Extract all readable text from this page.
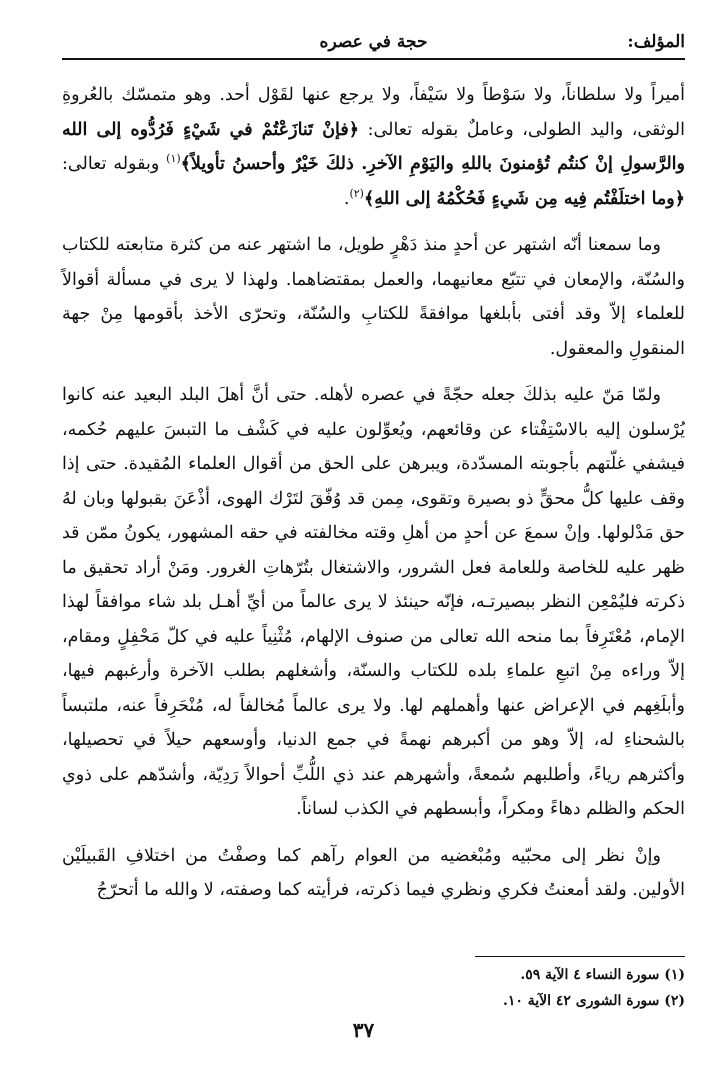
المؤلف:
حجة في عصره

أميراً ولا سلطاناً، ولا سَوْطاً ولا سَيْفاً، ولا يرجع عنها لقَوْل أحد. وهو متمسّك بالعُروةِ الوثقى، واليد الطولى، وعاملٌ بقوله تعالى: ﴿فإنْ تَنازَعْتُمْ في شَيْءٍ فَرُدُّوه إلى الله والرَّسولِ إنْ كنتُم تُؤمنونَ باللهِ واليَوْمِ الآخرِ. ذلكَ خَيْرٌ وأحسنُ تأويلاً﴾$^{(١)}$ وبقوله تعالى: ﴿وما اختلَفْتُم فِيه مِن شَيءٍ فَحُكْمُهُ إلى اللهِ﴾$^{(٢)}$.

وما سمعنا أنّه اشتهر عن أحدٍ منذ دَهْرٍ طويل، ما اشتهر عنه من كثرة متابعته للكتاب والسُنّة، والإمعان في تتبّع معانيهما، والعمل بمقتضاهما. ولهذا لا يرى في مسألة أقوالاً للعلماء إلاّ وقد أفتى بأبلغها موافقةً للكتابِ والسُنّة، وتحرّى الأخذ بأقومها مِنْ جهة المنقولِ والمعقول.

ولمّا مَنّ عليه بذلكَ جعله حجّةً في عصره لأهله. حتى أنَّ أهلَ البلد البعيد عنه كانوا يُرْسلون إليه بالاسْتِفْتاء عن وقائعهم، ويُعوِّلون عليه في كَشْف ما التبسَ عليهم حُكمه، فيشفي غلّتهم بأجوبته المسدّدة، ويبرهن على الحق من أقوال العلماء المُقيدة. حتى إذا وقف عليها كلُّ محقٍّ ذو بصيرة وتقوى، مِمن قد وُفّقَ لتَرْك الهوى، أذْعَنَ بقبولها وبان لهُ حق مَدْلولها. وإنْ سمعَ عن أحدٍ من أهلِ وقته مخالفته في حقه المشهور، يكونُ ممّن قد ظهر عليه للخاصة وللعامة فعل الشرور، والاشتغال بتُرّهاتِ الغرور. ومَنْ أراد تحقيق ما ذكرته فليُمْعِن النظر ببصيرتـه، فإنّه حينئذ لا يرى عالماً من أيِّ أهـل بلد شاء موافقاً لهذا الإمام، مُعْتَرِفاً بما منحه الله تعالى من صنوف الإلهام، مُثْنِياً عليه في كلّ مَحْفِلٍ ومقام، إلاّ وراءه مِنْ اتبعِ علماءِ بلده للكتاب والسنّة، وأشغلهم بطلب الآخرة وأرغبهم فيها، وأبلَغِهم في الإعراض عنها وأهملهم لها. ولا يرى عالماً مُخالفاً له، مُنْحَرِفاً عنه، ملتبساً بالشحناءِ له، إلاّ وهو من أكبرهم نهمةً في جمع الدنيا، وأوسعهم حيلاً في تحصيلها، وأكثرهم رياءً، وأطلبهم سُمعةً، وأشهرهم عند ذي اللُّبِّ أحوالاً رَدِيّة، وأشدّهم على ذوي الحكم والظلم دهاءً ومكراً، وأبسطهم في الكذب لساناً.

وإنْ نظر إلى محبّيه ومُبْغضيه من العوام رآهم كما وصفْتُ من اختلافِ القَبيلَيْن الأولين. ولقد أمعنتُ فكري ونظري فيما ذكرته، فرأيته كما وصفته، لا والله ما أتحرّجُ

(١) سورة النساء ٤ الآية ٥٩.
(٢) سورة الشورى ٤٢ الآية ١٠.
٣٧
